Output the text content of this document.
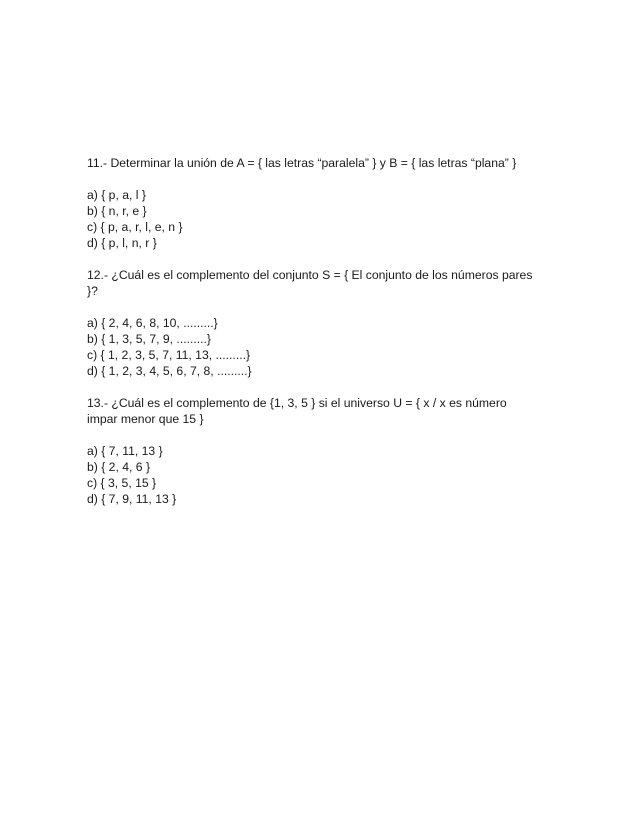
11.- Determinar la unión de A = { las letras “paralela” } y B = { las letras “plana” }

a) { p, a, l }
b) { n, r, e }
c) { p, a, r, l, e, n }
d) { p, l, n, r }

12.- ¿Cuál es el complemento del conjunto S = { El conjunto de los números pares }?

a) { 2, 4, 6, 8, 10, .........}
b) { 1, 3, 5, 7, 9, .........}
c) { 1, 2, 3, 5, 7, 11, 13, .........}
d) { 1, 2, 3, 4, 5, 6, 7, 8, .........}

13.- ¿Cuál es el complemento de {1, 3, 5 } si el universo U = { x / x es número impar menor que 15 }

a) { 7, 11, 13 }
b) { 2, 4, 6 }
c) { 3, 5, 15 }
d) { 7, 9, 11, 13 }
